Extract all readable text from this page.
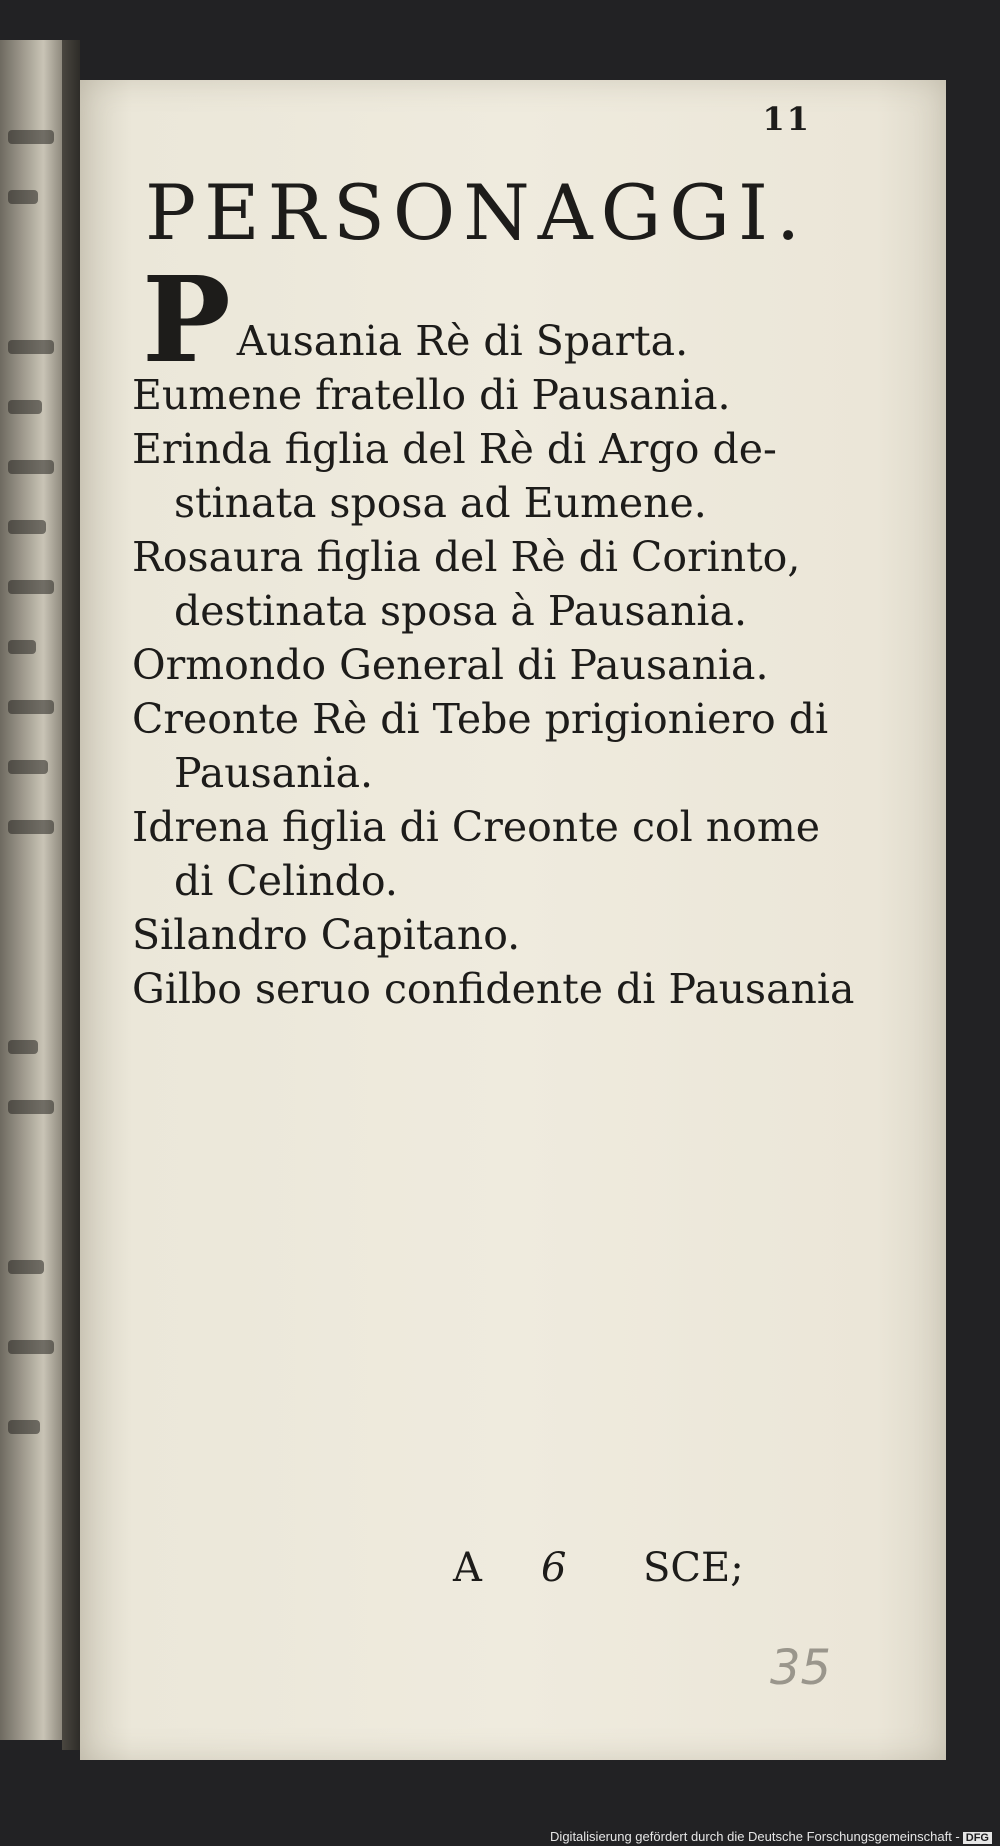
11
PERSONAGGI.

P Ausania Rè di Sparta.

Eumene fratello di Pausania.

Erinda figlia del Rè di Argo de-
stinata sposa ad Eumene.

Rosaura figlia del Rè di Corinto,
destinata sposa à Pausania.

Ormondo General di Pausania.

Creonte Rè di Tebe prigioniero di
Pausania.

Idrena figlia di Creonte col nome
di Celindo.

Silandro Capitano.

Gilbo seruo confidente di Pausania

A 6 SCE;
35
Digitalisierung gefördert durch die Deutsche Forschungsgemeinschaft - DFG
